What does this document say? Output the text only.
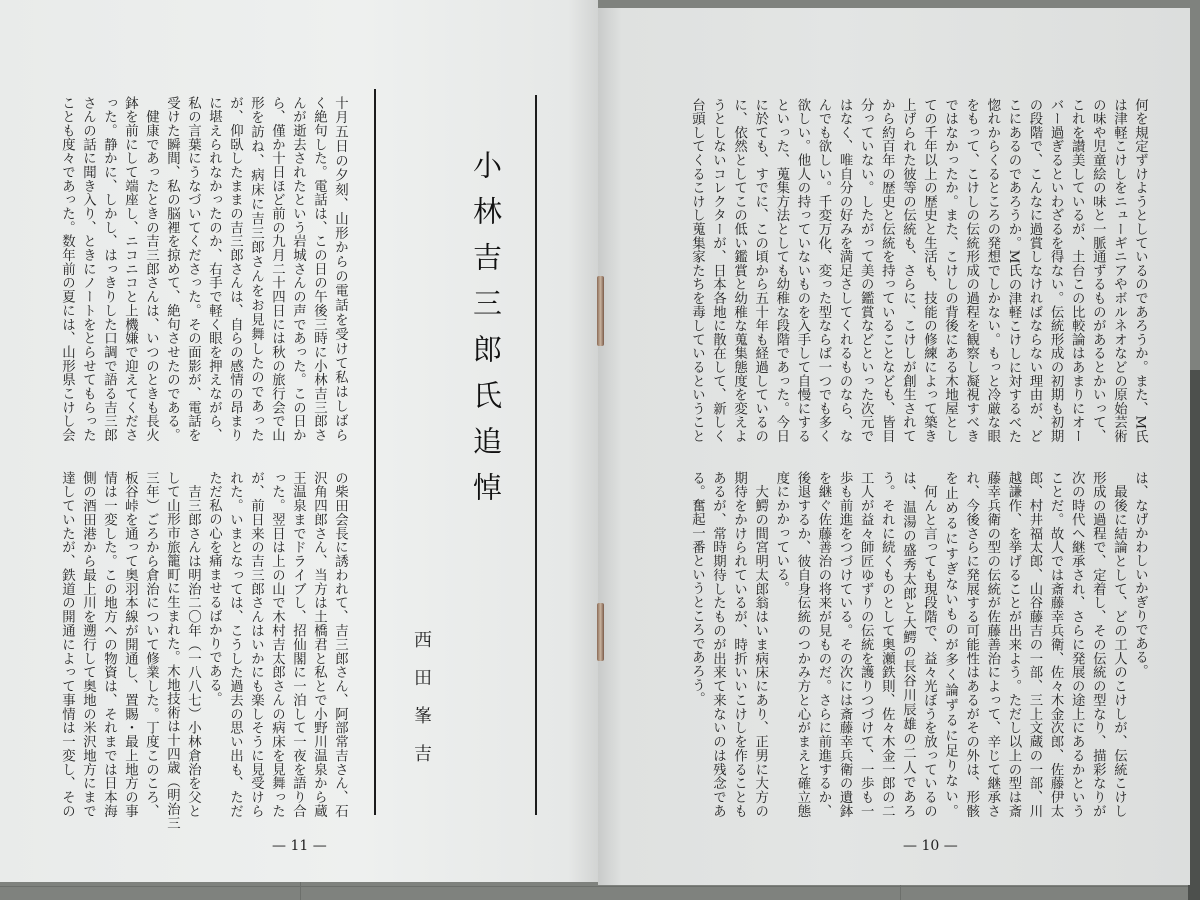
小林吉三郎氏追悼
西田峯吉
— 11 —	— 10 —
十月五日の夕刻、山形からの電話を受けて私はしばら
く絶句した。電話は、この日の午後三時に小林吉三郎さ
んが逝去されたという岩城さんの声であった。この日か
ら、僅か十日ほど前の九月二十四日には秋の旅行会で山
形を訪ね、病床に吉三郎さんをお見舞したのであった
が、仰臥したままの吉三郎さんは、自らの感情の昂まり
に堪えられなかったのか、右手で軽く眼を押えながら、
私の言葉にうなづいてくださった。その面影が、電話を
受けた瞬間、私の脳裡を掠めて、絶句させたのである。
　健康であったときの吉三郎さんは、いつのときも長火
鉢を前にして端座し、ニコニコと上機嫌で迎えてくださ
った。静かに、しかし、はっきりした口調で語る吉三郎
さんの話に聞き入り、ときにノートをとらせてもらった
ことも度々であった。数年前の夏には、山形県こけし会
の柴田会長に誘われて、吉三郎さん、阿部常吉さん、石
沢角四郎さん、当方は土橋君と私とで小野川温泉から蔵
王温泉までドライブし、招仙閣に一泊して一夜を語り合
った。翌日は上の山で木村吉太郎さんの病床を見舞った
が、前日来の吉三郎さんはいかにも楽しそうに見受けら
れた。いまとなっては、こうした過去の思い出も、ただ
ただ私の心を痛ませるばかりである。
　吉三郎さんは明治二〇年（一八八七）小林倉治を父と
して山形市旅籠町に生まれた。木地技術は十四歳（明治三
三年）ごろから倉治について修業した。丁度このころ、
板谷峠を通って奥羽本線が開通し、置賜・最上地方の事
情は一変した。この地方への物資は、それまでは日本海
側の酒田港から最上川を遡行して奥地の米沢地方にまで
達していたが、鉄道の開通によって事情は一変し、その
何を規定ずけようとしているのであろうか。また、M氏
は津軽こけしをニューギニアやボルネオなどの原始芸術
の味や児童絵の味と一脈通ずるものがあるとかいって、
これを讃美しているが、土台この比較論はあまりにオー
バー過ぎるといわざるを得ない。伝統形成の初期も初期
の段階で、こんなに過賞しなければならない理由が、ど
こにあるのであろうか。M氏の津軽こけしに対するべた
惚れからくるところの発想でしかない。もっと冷厳な眼
をもって、こけしの伝統形成の過程を観察し凝視すべき
ではなかったか。また、こけしの背後にある木地屋とし
ての千年以上の歴史と生活も、技能の修練によって築き
上げられた彼等の伝統も、さらに、こけしが創生されて
から約百年の歴史と伝統を持っていることなども、皆目
分っていない。したがって美の鑑賞などといった次元で
はなく、唯自分の好みを満足さしてくれるものなら、な
んでも欲しい。千変万化、変った型ならば一つでも多く
欲しい。他人の持っていないものを入手して自慢にする
といった、蒐集方法としても幼稚な段階であった。今日
に於ても、すでに、この頃から五十年も経過しているの
に、依然としてこの低い鑑賞と幼稚な蒐集態度を変えよ
うとしないコレクターが、日本各地に散在して、新しく
台頭してくるこけし蒐集家たちを毒しているということ
は、なげかわしいかぎりである。
　最後に結論として、どの工人のこけしが、伝統こけし
形成の過程で、定着し、その伝統の型なり、描彩なりが
次の時代へ継承され、さらに発展の途上にあるかという
ことだ。故人では斎藤幸兵衛、佐々木金次郎、佐藤伊太
郎、村井福太郎、山谷藤吉の一部、三上文蔵の一部、川
越謙作、を挙げることが出来よう。ただし以上の型は斎
藤幸兵衛の型の伝統が佐藤善治によって、辛じて継承さ
れ、今後さらに発展する可能性はあるがその外は、形骸
を止めるにすぎないものが多く論ずるに足りない。
　何んと言っても現段階で、益々光ぼうを放っているの
は、温湯の盛秀太郎と大鰐の長谷川辰雄の二人であろ
う。それに続くものとして奥瀬鉄則、佐々木金一郎の二
工人が益々師匠ゆずりの伝統を護りつづけて、一歩も一
歩も前進をつづけている。その次には斎藤幸兵衛の遺鉢
を継ぐ佐藤善治の将来が見ものだ。さらに前進するか、
後退するか、彼自身伝統のつかみ方と心がまえと確立態
度にかかっている。
　大鰐の間宮明太郎翁はいま病床にあり、正男に大方の
期待をかけられているが、時折いいこけしを作ることも
あるが、常時期待したものが出来て来ないのは残念であ
る。奮起一番というところであろう。
